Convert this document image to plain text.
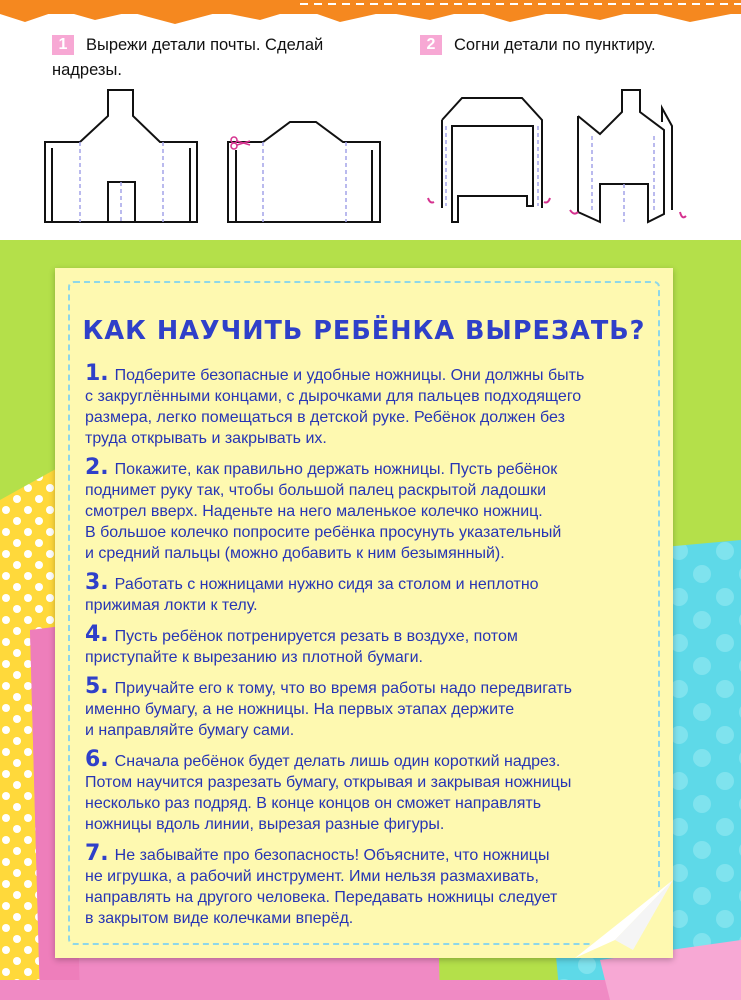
1 Вырежи детали почты. Сделай
надрезы.
2 Согни детали по пунктиру.
КАК НАУЧИТЬ РЕБЁНКА ВЫРЕЗАТЬ?
1. Подберите безопасные и удобные ножницы. Они должны быть
с закруглёнными концами, с дырочками для пальцев подходящего
размера, легко помещаться в детской руке. Ребёнок должен без
труда открывать и закрывать их.
2. Покажите, как правильно держать ножницы. Пусть ребёнок
поднимет руку так, чтобы большой палец раскрытой ладошки
смотрел вверх. Наденьте на него маленькое колечко ножниц.
В большое колечко попросите ребёнка просунуть указательный
и средний пальцы (можно добавить к ним безымянный).
3. Работать с ножницами нужно сидя за столом и неплотно
прижимая локти к телу.
4. Пусть ребёнок потренируется резать в воздухе, потом
приступайте к вырезанию из плотной бумаги.
5. Приучайте его к тому, что во время работы надо передвигать
именно бумагу, а не ножницы. На первых этапах держите
и направляйте бумагу сами.
6. Сначала ребёнок будет делать лишь один короткий надрез.
Потом научится разрезать бумагу, открывая и закрывая ножницы
несколько раз подряд. В конце концов он сможет направлять
ножницы вдоль линии, вырезая разные фигуры.
7. Не забывайте про безопасность! Объясните, что ножницы
не игрушка, а рабочий инструмент. Ими нельзя размахивать,
направлять на другого человека. Передавать ножницы следует
в закрытом виде колечками вперёд.
